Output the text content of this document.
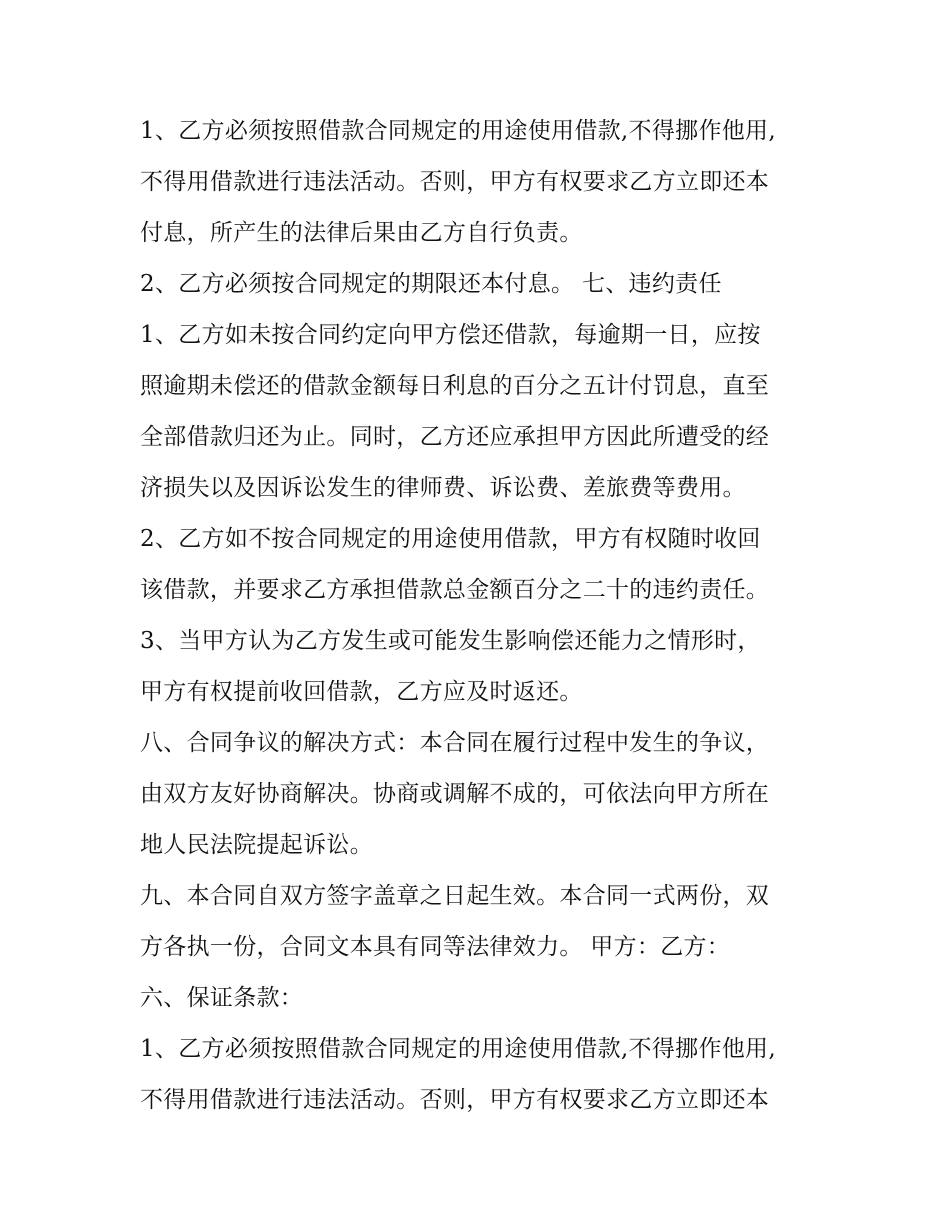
1、乙方必须按照借款合同规定的用途使用借款,不得挪作他用,
不得用借款进行违法活动。否则，甲方有权要求乙方立即还本
付息，所产生的法律后果由乙方自行负责。
2、乙方必须按合同规定的期限还本付息。 七、违约责任
1、乙方如未按合同约定向甲方偿还借款，每逾期一日，应按
照逾期未偿还的借款金额每日利息的百分之五计付罚息，直至
全部借款归还为止。同时，乙方还应承担甲方因此所遭受的经
济损失以及因诉讼发生的律师费、诉讼费、差旅费等费用。
2、乙方如不按合同规定的用途使用借款，甲方有权随时收回
该借款，并要求乙方承担借款总金额百分之二十的违约责任。
3、当甲方认为乙方发生或可能发生影响偿还能力之情形时，
甲方有权提前收回借款，乙方应及时返还。
八、合同争议的解决方式：本合同在履行过程中发生的争议，
由双方友好协商解决。协商或调解不成的，可依法向甲方所在
地人民法院提起诉讼。
九、本合同自双方签字盖章之日起生效。本合同一式两份，双
方各执一份，合同文本具有同等法律效力。 甲方：乙方：
六、保证条款：
1、乙方必须按照借款合同规定的用途使用借款,不得挪作他用,
不得用借款进行违法活动。否则，甲方有权要求乙方立即还本
